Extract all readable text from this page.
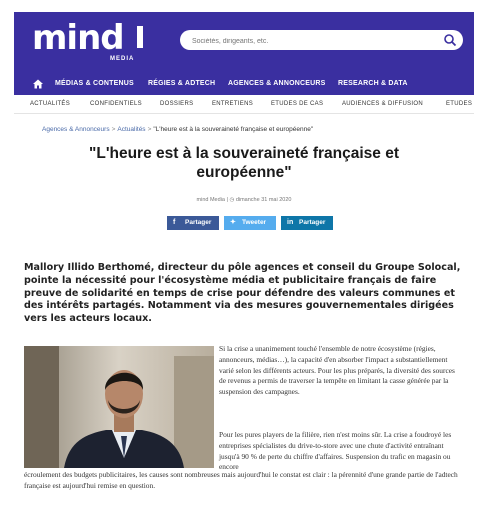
mind
MEDIA
Sociétés, dirigeants, etc.
MÉDIAS & CONTENUS RÉGIES & ADTECH AGENCES & ANNONCEURS RESEARCH & DATA
ACTUALITÉS	CONFIDENTIELS	DOSSIERS	ENTRETIENS	ETUDES DE CAS	AUDIENCES & DIFFUSION	ETUDES
Agences & Annonceurs > Actualités > "L'heure est à la souveraineté française et européenne"
"L'heure est à la souveraineté française et européenne"
mind Media | ◷ dimanche 31 mai 2020
f Partager	✦ Tweeter	in Partager

Mallory Illido Berthomé, directeur du pôle agences et conseil du Groupe Solocal, pointe la nécessité pour l'écosystème média et publicitaire français de faire preuve de solidarité en temps de crise pour défendre des valeurs communes et des intérêts partagés. Notamment via des mesures gouvernementales dirigées vers les acteurs locaux.

Si la crise a unanimement touché l'ensemble de notre écosystème (régies, annonceurs, médias…), la capacité d'en absorber l'impact a substantiellement varié selon les différents acteurs. Pour les plus préparés, la diversité des sources de revenus a permis de traverser la tempête en limitant la casse générée par la suspension des campagnes.

Pour les pures players de la filière, rien n'est moins sûr. La crise a foudroyé les entreprises spécialistes du drive-to-store avec une chute d'activité entraînant jusqu'à 90 % de perte du chiffre d'affaires. Suspension du trafic en magasin ou encore

écroulement des budgets publicitaires, les causes sont nombreuses mais aujourd'hui le constat est clair : la pérennité d'une grande partie de l'adtech française est aujourd'hui remise en question.
